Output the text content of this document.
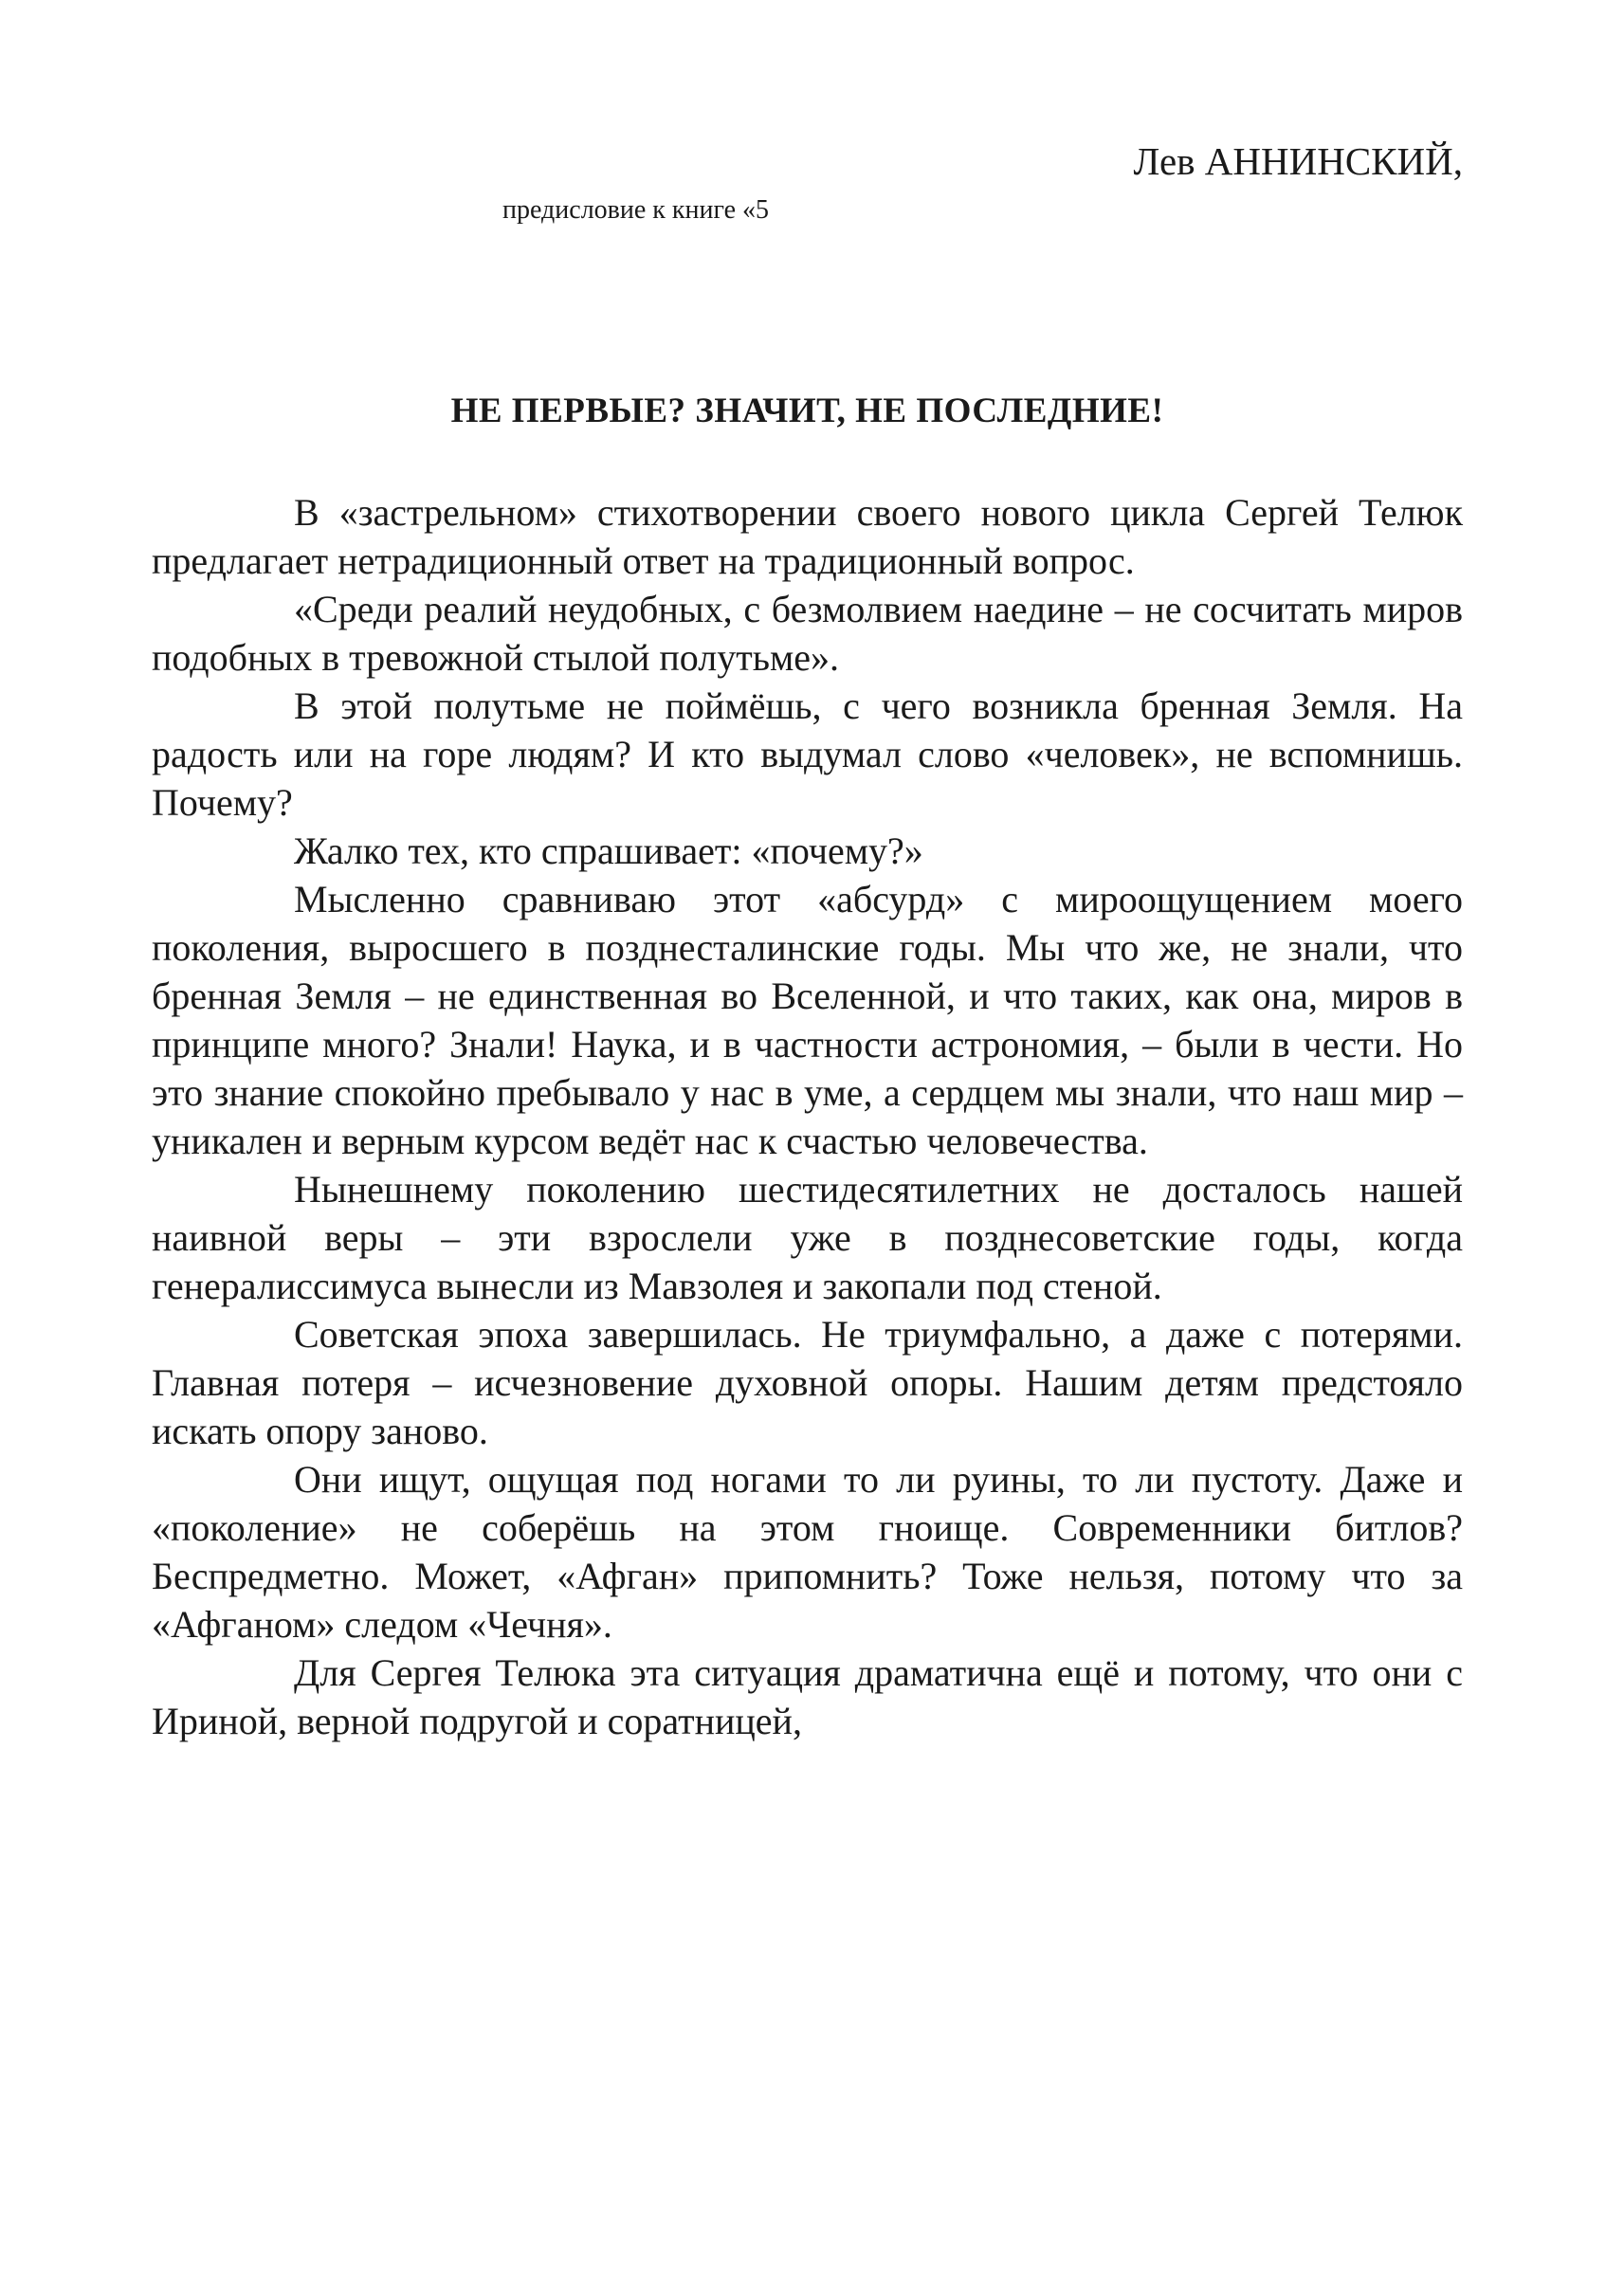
Лев АННИНСКИЙ,
предисловие к книге «5
НЕ ПЕРВЫЕ? ЗНАЧИТ, НЕ ПОСЛЕДНИЕ!

В «застрельном» стихотворении своего нового цикла Сергей Телюк предлагает нетрадиционный ответ на традиционный вопрос.

«Среди реалий неудобных, с безмолвием наедине – не сосчитать миров подобных в тревожной стылой полутьме».

В этой полутьме не поймёшь, с чего возникла бренная Земля. На радость или на горе людям? И кто выдумал слово «человек», не вспомнишь. Почему?

Жалко тех, кто спрашивает: «почему?»

Мысленно сравниваю этот «абсурд» с мироощущением моего поколения, выросшего в позднесталинские годы. Мы что же, не знали, что бренная Земля – не единственная во Вселенной, и что таких, как она, миров в принципе много? Знали! Наука, и в частности астрономия, – были в чести. Но это знание спокойно пребывало у нас в уме, а сердцем мы знали, что наш мир – уникален и верным курсом ведёт нас к счастью человечества.

Нынешнему поколению шестидесятилетних не досталось нашей наивной веры – эти взрослели уже в позднесоветские годы, когда генералиссимуса вынесли из Мавзолея и закопали под стеной.

Советская эпоха завершилась. Не триумфально, а даже с потерями. Главная потеря – исчезновение духовной опоры. Нашим детям предстояло искать опору заново.

Они ищут, ощущая под ногами то ли руины, то ли пустоту. Даже и «поколение» не соберёшь на этом гноище. Современники битлов? Беспредметно. Может, «Афган» припомнить? Тоже нельзя, потому что за «Афганом» следом «Чечня».

Для Сергея Телюка эта ситуация драматична ещё и потому, что они с Ириной, верной подругой и соратницей,
